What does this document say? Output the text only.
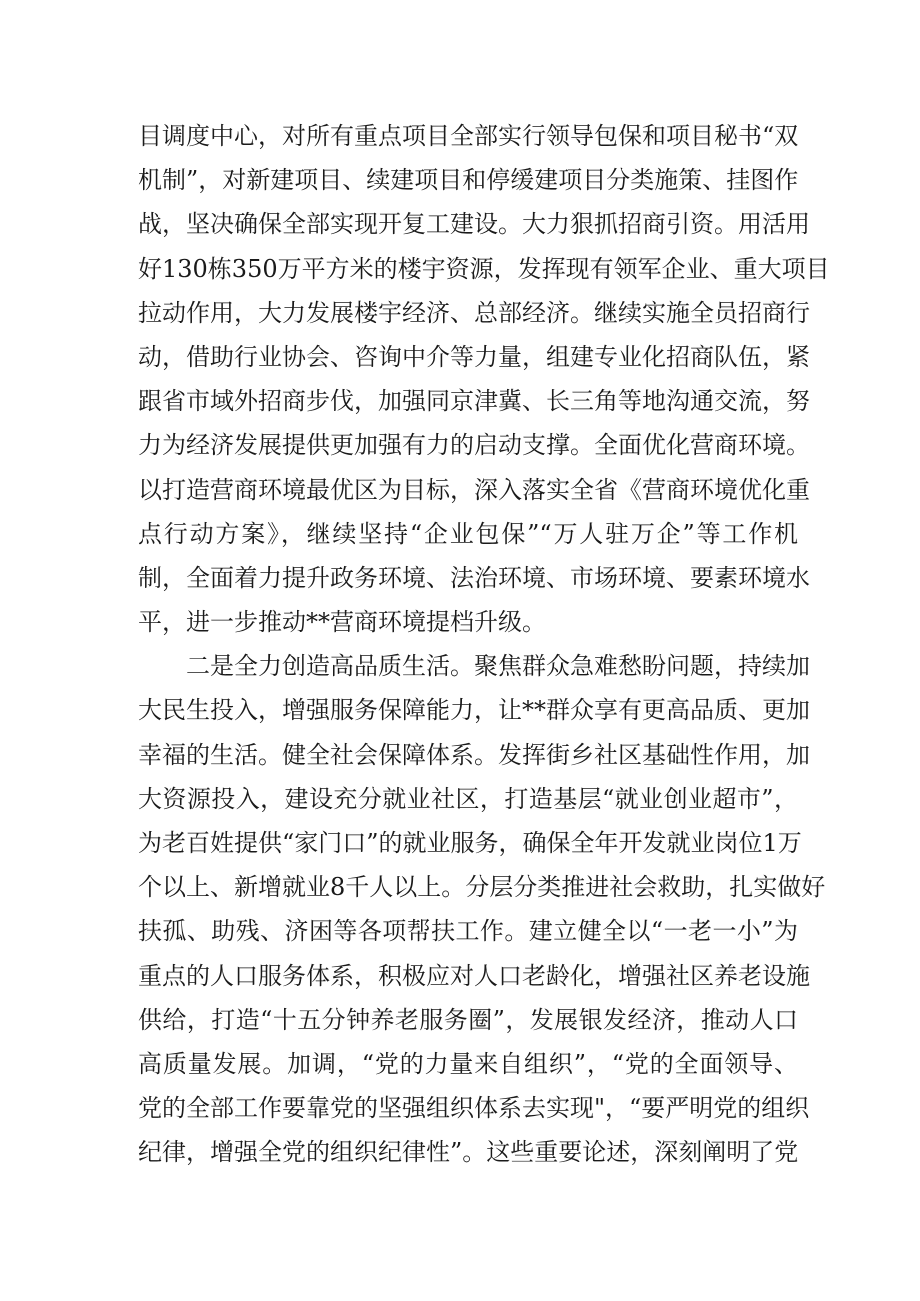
目调度中心，对所有重点项目全部实行领导包保和项目秘书“双
机制”，对新建项目、续建项目和停缓建项目分类施策、挂图作
战，坚决确保全部实现开复工建设。大力狠抓招商引资。用活用
好130栋350万平方米的楼宇资源，发挥现有领军企业、重大项目
拉动作用，大力发展楼宇经济、总部经济。继续实施全员招商行
动，借助行业协会、咨询中介等力量，组建专业化招商队伍，紧
跟省市域外招商步伐，加强同京津冀、长三角等地沟通交流，努
力为经济发展提供更加强有力的启动支撑。全面优化营商环境。
以打造营商环境最优区为目标，深入落实全省《营商环境优化重
点行动方案》，继续坚持“企业包保”“万人驻万企”等工作机
制，全面着力提升政务环境、法治环境、市场环境、要素环境水
平，进一步推动**营商环境提档升级。
二是全力创造高品质生活。聚焦群众急难愁盼问题，持续加
大民生投入，增强服务保障能力，让**群众享有更高品质、更加
幸福的生活。健全社会保障体系。发挥街乡社区基础性作用，加
大资源投入，建设充分就业社区，打造基层“就业创业超市”，
为老百姓提供“家门口”的就业服务，确保全年开发就业岗位1万
个以上、新增就业8千人以上。分层分类推进社会救助，扎实做好
扶孤、助残、济困等各项帮扶工作。建立健全以“一老一小”为
重点的人口服务体系，积极应对人口老龄化，增强社区养老设施
供给，打造“十五分钟养老服务圈”，发展银发经济，推动人口
高质量发展。加调，“党的力量来自组织”，“党的全面领导、
党的全部工作要靠党的坚强组织体系去实现"，“要严明党的组织
纪律，增强全党的组织纪律性”。这些重要论述，深刻阐明了党
